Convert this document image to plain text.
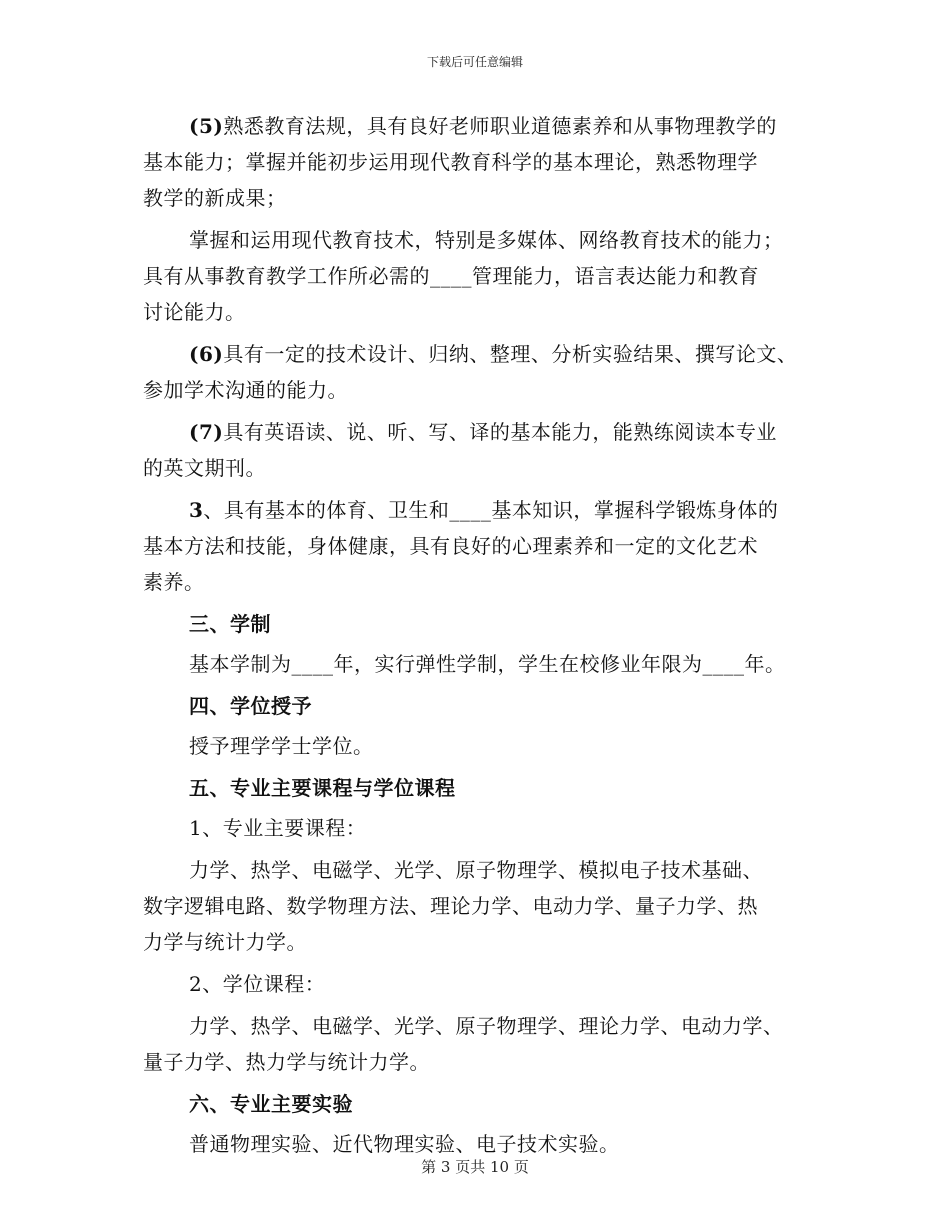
下载后可任意编辑
(5)熟悉教育法规，具有良好老师职业道德素养和从事物理教学的
基本能力；掌握并能初步运用现代教育科学的基本理论，熟悉物理学
教学的新成果；
掌握和运用现代教育技术，特别是多媒体、网络教育技术的能力；
具有从事教育教学工作所必需的____管理能力，语言表达能力和教育
讨论能力。
(6)具有一定的技术设计、归纳、整理、分析实验结果、撰写论文、
参加学术沟通的能力。
(7)具有英语读、说、听、写、译的基本能力，能熟练阅读本专业
的英文期刊。
3、具有基本的体育、卫生和____基本知识，掌握科学锻炼身体的
基本方法和技能，身体健康，具有良好的心理素养和一定的文化艺术
素养。
三、学制
基本学制为____年，实行弹性学制，学生在校修业年限为____年。
四、学位授予
授予理学学士学位。
五、专业主要课程与学位课程
1、专业主要课程：
力学、热学、电磁学、光学、原子物理学、模拟电子技术基础、
数字逻辑电路、数学物理方法、理论力学、电动力学、量子力学、热
力学与统计力学。
2、学位课程：
力学、热学、电磁学、光学、原子物理学、理论力学、电动力学、
量子力学、热力学与统计力学。
六、专业主要实验
普通物理实验、近代物理实验、电子技术实验。
第 3 页共 10 页
